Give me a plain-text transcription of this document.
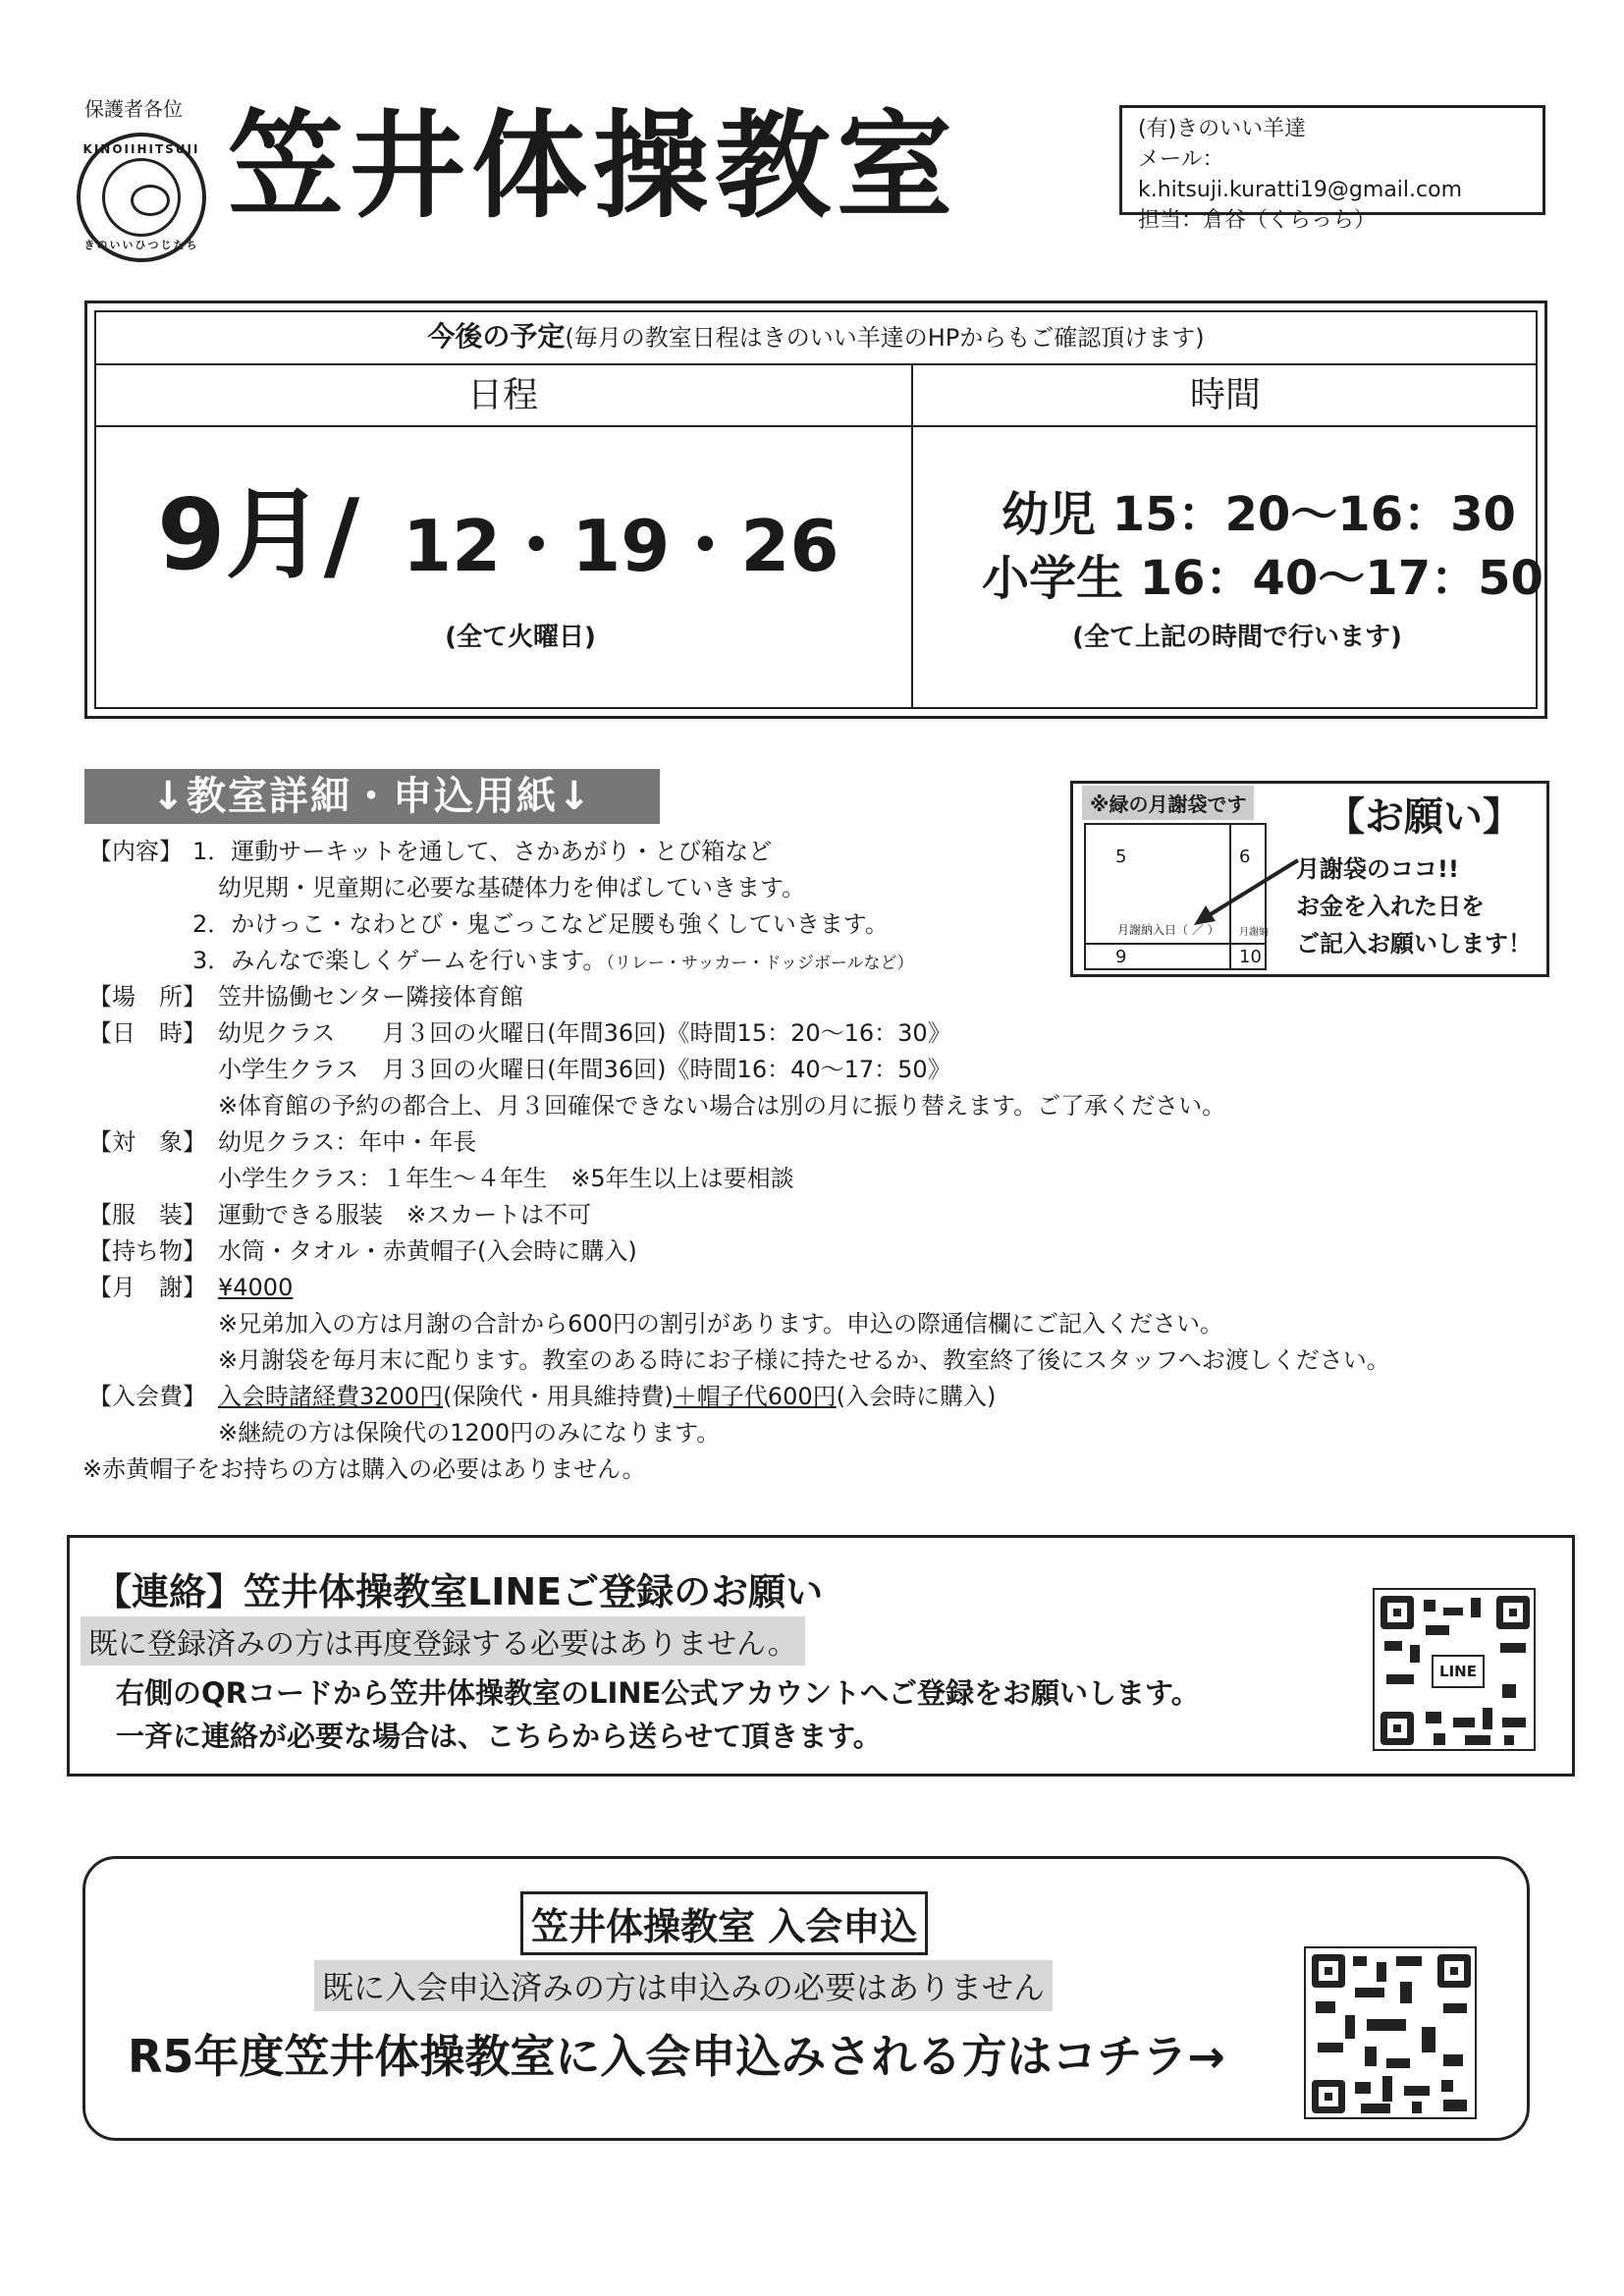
保護者各位
KINOIIHITSUJI
きのいいひつじたち
笠井体操教室	(有)きのいい羊達
メール：k.hitsuji.kuratti19@gmail.com
担当：倉谷（くらっち）
今後の予定(毎月の教室日程はきのいい羊達のHPからもご確認頂けます)
日程	時間
9月/ 12・19・26
(全て火曜日)
幼児 15：20〜16：30
小学生 16：40〜17：50
(全て上記の時間で行います)
↓教室詳細・申込用紙↓	※緑の月謝袋です
5	6
9	10
月謝納入日（ ／ ） 月謝納
【お願い】
月謝袋のココ!!
お金を入れた日を
ご記入お願いします！
【内容】 1．運動サーキットを通して、さかあがり・とび箱など
幼児期・児童期に必要な基礎体力を伸ばしていきます。
2．かけっこ・なわとび・鬼ごっこなど足腰も強くしていきます。
3．みんなで楽しくゲームを行います。（リレー・サッカー・ドッジボールなど）
【場　所】 笠井協働センター隣接体育館
【日　時】 幼児クラス　　月３回の火曜日(年間36回)《時間15：20〜16：30》
小学生クラス　月３回の火曜日(年間36回)《時間16：40〜17：50》
※体育館の予約の都合上、月３回確保できない場合は別の月に振り替えます。ご了承ください。
【対　象】 幼児クラス：年中・年長
小学生クラス：１年生〜４年生　※5年生以上は要相談
【服　装】 運動できる服装　※スカートは不可
【持ち物】 水筒・タオル・赤黄帽子(入会時に購入)
【月　謝】 ¥4000
※兄弟加入の方は月謝の合計から600円の割引があります。申込の際通信欄にご記入ください。
※月謝袋を毎月末に配ります。教室のある時にお子様に持たせるか、教室終了後にスタッフへお渡しください。
【入会費】 入会時諸経費3200円(保険代・用具維持費)＋帽子代600円(入会時に購入)
※継続の方は保険代の1200円のみになります。
※赤黄帽子をお持ちの方は購入の必要はありません。
【連絡】笠井体操教室LINEご登録のお願い
既に登録済みの方は再度登録する必要はありません。
右側のQRコードから笠井体操教室のLINE公式アカウントへご登録をお願いします。
一斉に連絡が必要な場合は、こちらから送らせて頂きます。
LINE
笠井体操教室 入会申込
既に入会申込済みの方は申込みの必要はありません
R5年度笠井体操教室に入会申込みされる方はコチラ→
